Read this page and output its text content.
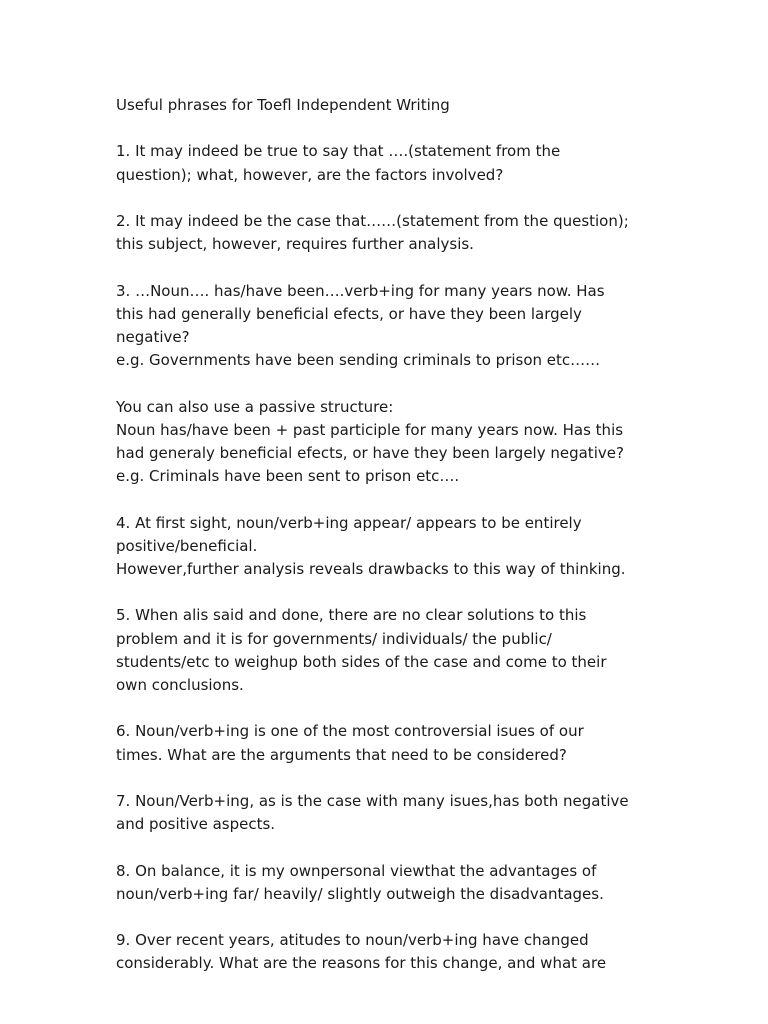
Useful phrases for Toefl Independent Writing
1. It may indeed be true to say that ….(statement from the
question); what, however, are the factors involved?
2. It may indeed be the case that……(statement from the question);
this subject, however, requires further analysis.
3. …Noun…. has/have been….verb+ing for many years now. Has
this had generally beneficial efects, or have they been largely
negative?
e.g. Governments have been sending criminals to prison etc……
You can also use a passive structure:
Noun has/have been + past participle for many years now. Has this
had generaly beneficial efects, or have they been largely negative?
e.g. Criminals have been sent to prison etc….
4. At first sight, noun/verb+ing appear/ appears to be entirely
positive/beneficial.
However,further analysis reveals drawbacks to this way of thinking.
5. When alis said and done, there are no clear solutions to this
problem and it is for governments/ individuals/ the public/
students/etc to weighup both sides of the case and come to their
own conclusions.
6. Noun/verb+ing is one of the most controversial isues of our
times. What are the arguments that need to be considered?
7. Noun/Verb+ing, as is the case with many isues,has both negative
and positive aspects.
8. On balance, it is my ownpersonal viewthat the advantages of
noun/verb+ing far/ heavily/ slightly outweigh the disadvantages.
9. Over recent years, atitudes to noun/verb+ing have changed
considerably. What are the reasons for this change, and what are
